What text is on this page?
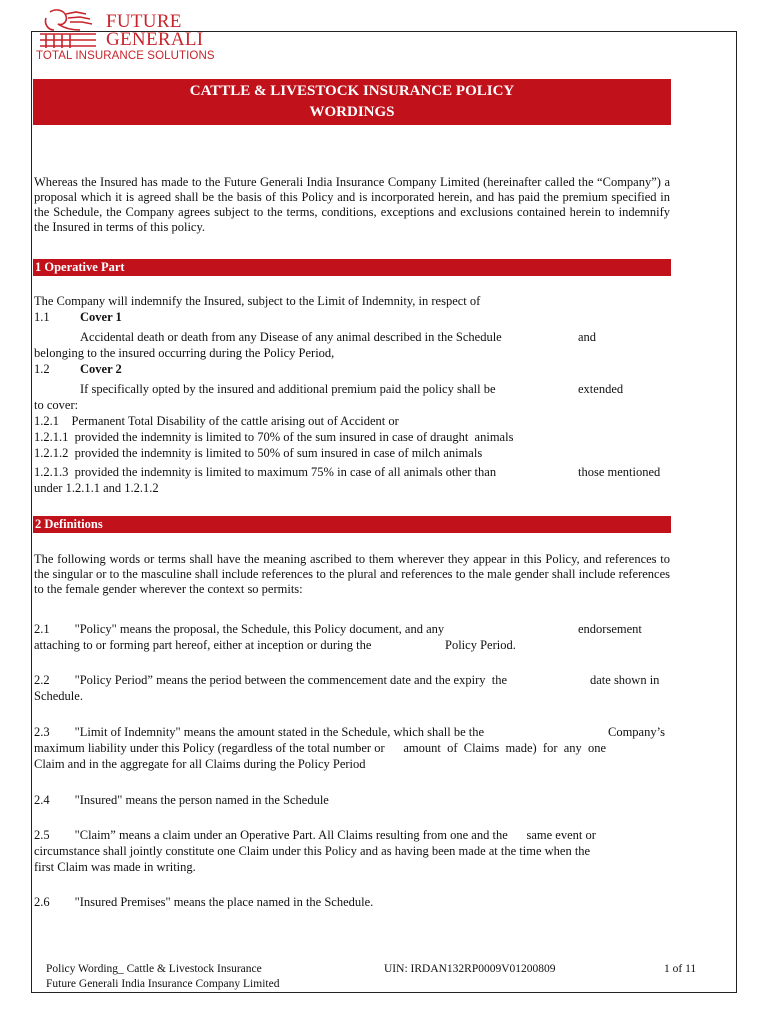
FUTURE
GENERALI
TOTAL INSURANCE SOLUTIONS
CATTLE & LIVESTOCK INSURANCE POLICY
WORDINGS
Whereas the Insured has made to the Future Generali India Insurance Company Limited (hereinafter called the “Company”) a proposal which it is agreed shall be the basis of this Policy and is incorporated herein, and has paid the premium specified in the Schedule, the Company agrees subject to the terms, conditions, exceptions and exclusions contained herein to indemnify the Insured in terms of this policy.
1 Operative Part
The Company will indemnify the Insured, subject to the Limit of Indemnity, in respect of
1.1 Cover 1
Accidental death or death from any Disease of any animal described in the Schedule	and
belonging to the insured occurring during the Policy Period,
1.2 Cover 2
If specifically opted by the insured and additional premium paid the policy shall be	extended
to cover:
1.2.1    Permanent Total Disability of the cattle arising out of Accident or
1.2.1.1  provided the indemnity is limited to 70% of the sum insured in case of draught  animals
1.2.1.2  provided the indemnity is limited to 50% of sum insured in case of milch animals
1.2.1.3  provided the indemnity is limited to maximum 75% in case of all animals other than	those mentioned
under 1.2.1.1 and 1.2.1.2
2 Definitions
The following words or terms shall have the meaning ascribed to them wherever they appear in this Policy, and references to the singular or to the masculine shall include references to the plural and references to the male gender shall include references to the female gender wherever the context so permits:
2.1        "Policy" means the proposal, the Schedule, this Policy document, and any	endorsement
attaching to or forming part hereof, either at inception or during the	Policy Period.
2.2        "Policy Period” means the period between the commencement date and the expiry  the	date shown in
Schedule.
2.3        "Limit of Indemnity" means the amount stated in the Schedule, which shall be the	Company’s
maximum liability under this Policy (regardless of the total number or      amount  of  Claims  made)  for  any  one
Claim and in the aggregate for all Claims during the Policy Period
2.4        "Insured" means the person named in the Schedule
2.5        "Claim” means a claim under an Operative Part. All Claims resulting from one and the      same event or
circumstance shall jointly constitute one Claim under this Policy and as having been made at the time when the
first Claim was made in writing.
2.6        "Insured Premises" means the place named in the Schedule.
Policy Wording_ Cattle & Livestock Insurance
Future Generali India Insurance Company Limited
UIN: IRDAN132RP0009V01200809	1 of 11
